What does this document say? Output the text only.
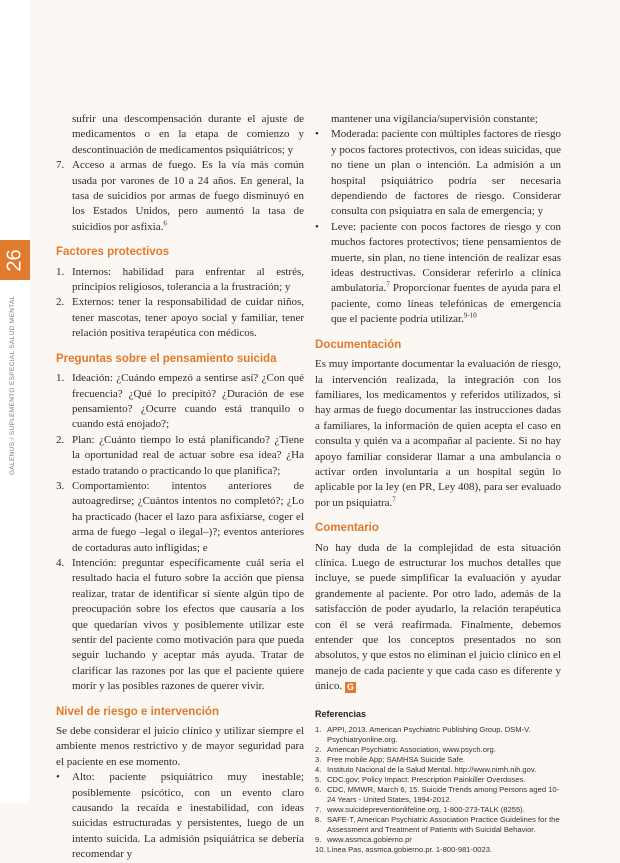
GALENUS / SUPLEMENTO ESPECIAL SALUD MENTAL
26

sufrir una descompensación durante el ajuste de medicamentos o en la etapa de comienzo y descontinuación de medicamentos psiquiátricos; y

7. Acceso a armas de fuego. Es la vía más común usada por varones de 10 a 24 años. En general, la tasa de suicidios por armas de fuego disminuyó en los Estados Unidos, pero aumentó la tasa de suicidios por asfixia.$^6$
Factores protectivos
1. Internos: habilidad para enfrentar al estrés, principios religiosos, tolerancia a la frustración; y
2. Externos: tener la responsabilidad de cuidar niños, tener mascotas, tener apoyo social y familiar, tener relación positiva terapéutica con médicos.
Preguntas sobre el pensamiento suicida
1. Ideación: ¿Cuándo empezó a sentirse así? ¿Con qué frecuencia? ¿Qué lo precipitó? ¿Duración de ese pensamiento? ¿Ocurre cuando está tranquilo o cuando está enojado?;
2. Plan: ¿Cuánto tiempo lo está planificando? ¿Tiene la oportunidad real de actuar sobre esa idea? ¿Ha estado tratando o practicando lo que planifica?;
3. Comportamiento: intentos anteriores de autoagredirse; ¿Cuántos intentos no completó?; ¿Lo ha practicado (hacer el lazo para asfixiarse, coger el arma de fuego –legal o ilegal–)?; eventos anteriores de cortaduras auto infligidas; e
4. Intención: preguntar específicamente cuál sería el resultado hacia el futuro sobre la acción que piensa realizar, tratar de identificar si siente algún tipo de preocupación sobre los efectos que causaría a los que quedarían vivos y posiblemente utilizar este sentir del paciente como motivación para que pueda seguir luchando y aceptar más ayuda. Tratar de clarificar las razones por las que el paciente quiere morir y las posibles razones de querer vivir.
Nivel de riesgo e intervención

Se debe considerar el juicio clínico y utilizar siempre el ambiente menos restrictivo y de mayor seguridad para el paciente en ese momento.

• Alto: paciente psiquiátrico muy inestable; posiblemente psicótico, con un evento claro causando la recaída e inestabilidad, con ideas suicidas estructuradas y persistentes, luego de un intento suicida. La admisión psiquiátrica se debería recomendar y

mantener una vigilancia/supervisión constante;

• Moderada: paciente con múltiples factores de riesgo y pocos factores protectivos, con ideas suicidas, que no tiene un plan o intención. La admisión a un hospital psiquiátrico podría ser necesaria dependiendo de factores de riesgo. Considerar consulta con psiquiatra en sala de emergencia; y
• Leve: paciente con pocos factores de riesgo y con muchos factores protectivos; tiene pensamientos de muerte, sin plan, no tiene intención de realizar esas ideas destructivas. Considerar referirlo a clínica ambulatoria.$^7$ Proporcionar fuentes de ayuda para el paciente, como líneas telefónicas de emergencia que el paciente podría utilizar.$^{9-10}$
Documentación

Es muy importante documentar la evaluación de riesgo, la intervención realizada, la integración con los familiares, los medicamentos y referidos utilizados, si hay armas de fuego documentar las instrucciones dadas a familiares, la información de quien acepta el caso en consulta y quién va a acompañar al paciente. Si no hay apoyo familiar considerar llamar a una ambulancia o activar orden involuntaria a un hospital según lo aplicable por la ley (en PR, Ley 408), para ser evaluado por un psiquiatra.$^7$

Comentario

No hay duda de la complejidad de esta situación clínica. Luego de estructurar los muchos detalles que incluye, se puede simplificar la evaluación y ayudar grandemente al paciente. Por otro lado, además de la satisfacción de poder ayudarlo, la relación terapéutica con él se verá reafirmada. Finalmente, debemos entender que los conceptos presentados no son absolutos, y que estos no eliminan el juicio clínico en el manejo de cada paciente y que cada caso es diferente y único. G

Referencias
1. APPI, 2013. American Psychiatric Publishing Group. DSM-V. Psychiatryonline.org.
2. American Psychiatric Association, www.psych.org.
3. Free mobile App; SAMHSA Suicide Safe.
4. Instituto Nacional de la Salud Mental. http://www.nimh.nih.gov.
5. CDC.gov; Policy Impact: Prescription Painkiller Overdoses.
6. CDC, MMWR, March 6, 15. Suicide Trends among Persons aged 10-24 Years - United States, 1994-2012.
7. www.suicidepreventionlifeline.org, 1-800-273-TALK (8255).
8. SAFE-T, American Psychiatric Association Practice Guidelines for the Assessment and Treatment of Patients with Suicidal Behavior.
9. www.assmca.gobierno.pr
10. Línea Pas, assmca.gobierno.pr. 1-800-981-0023.
